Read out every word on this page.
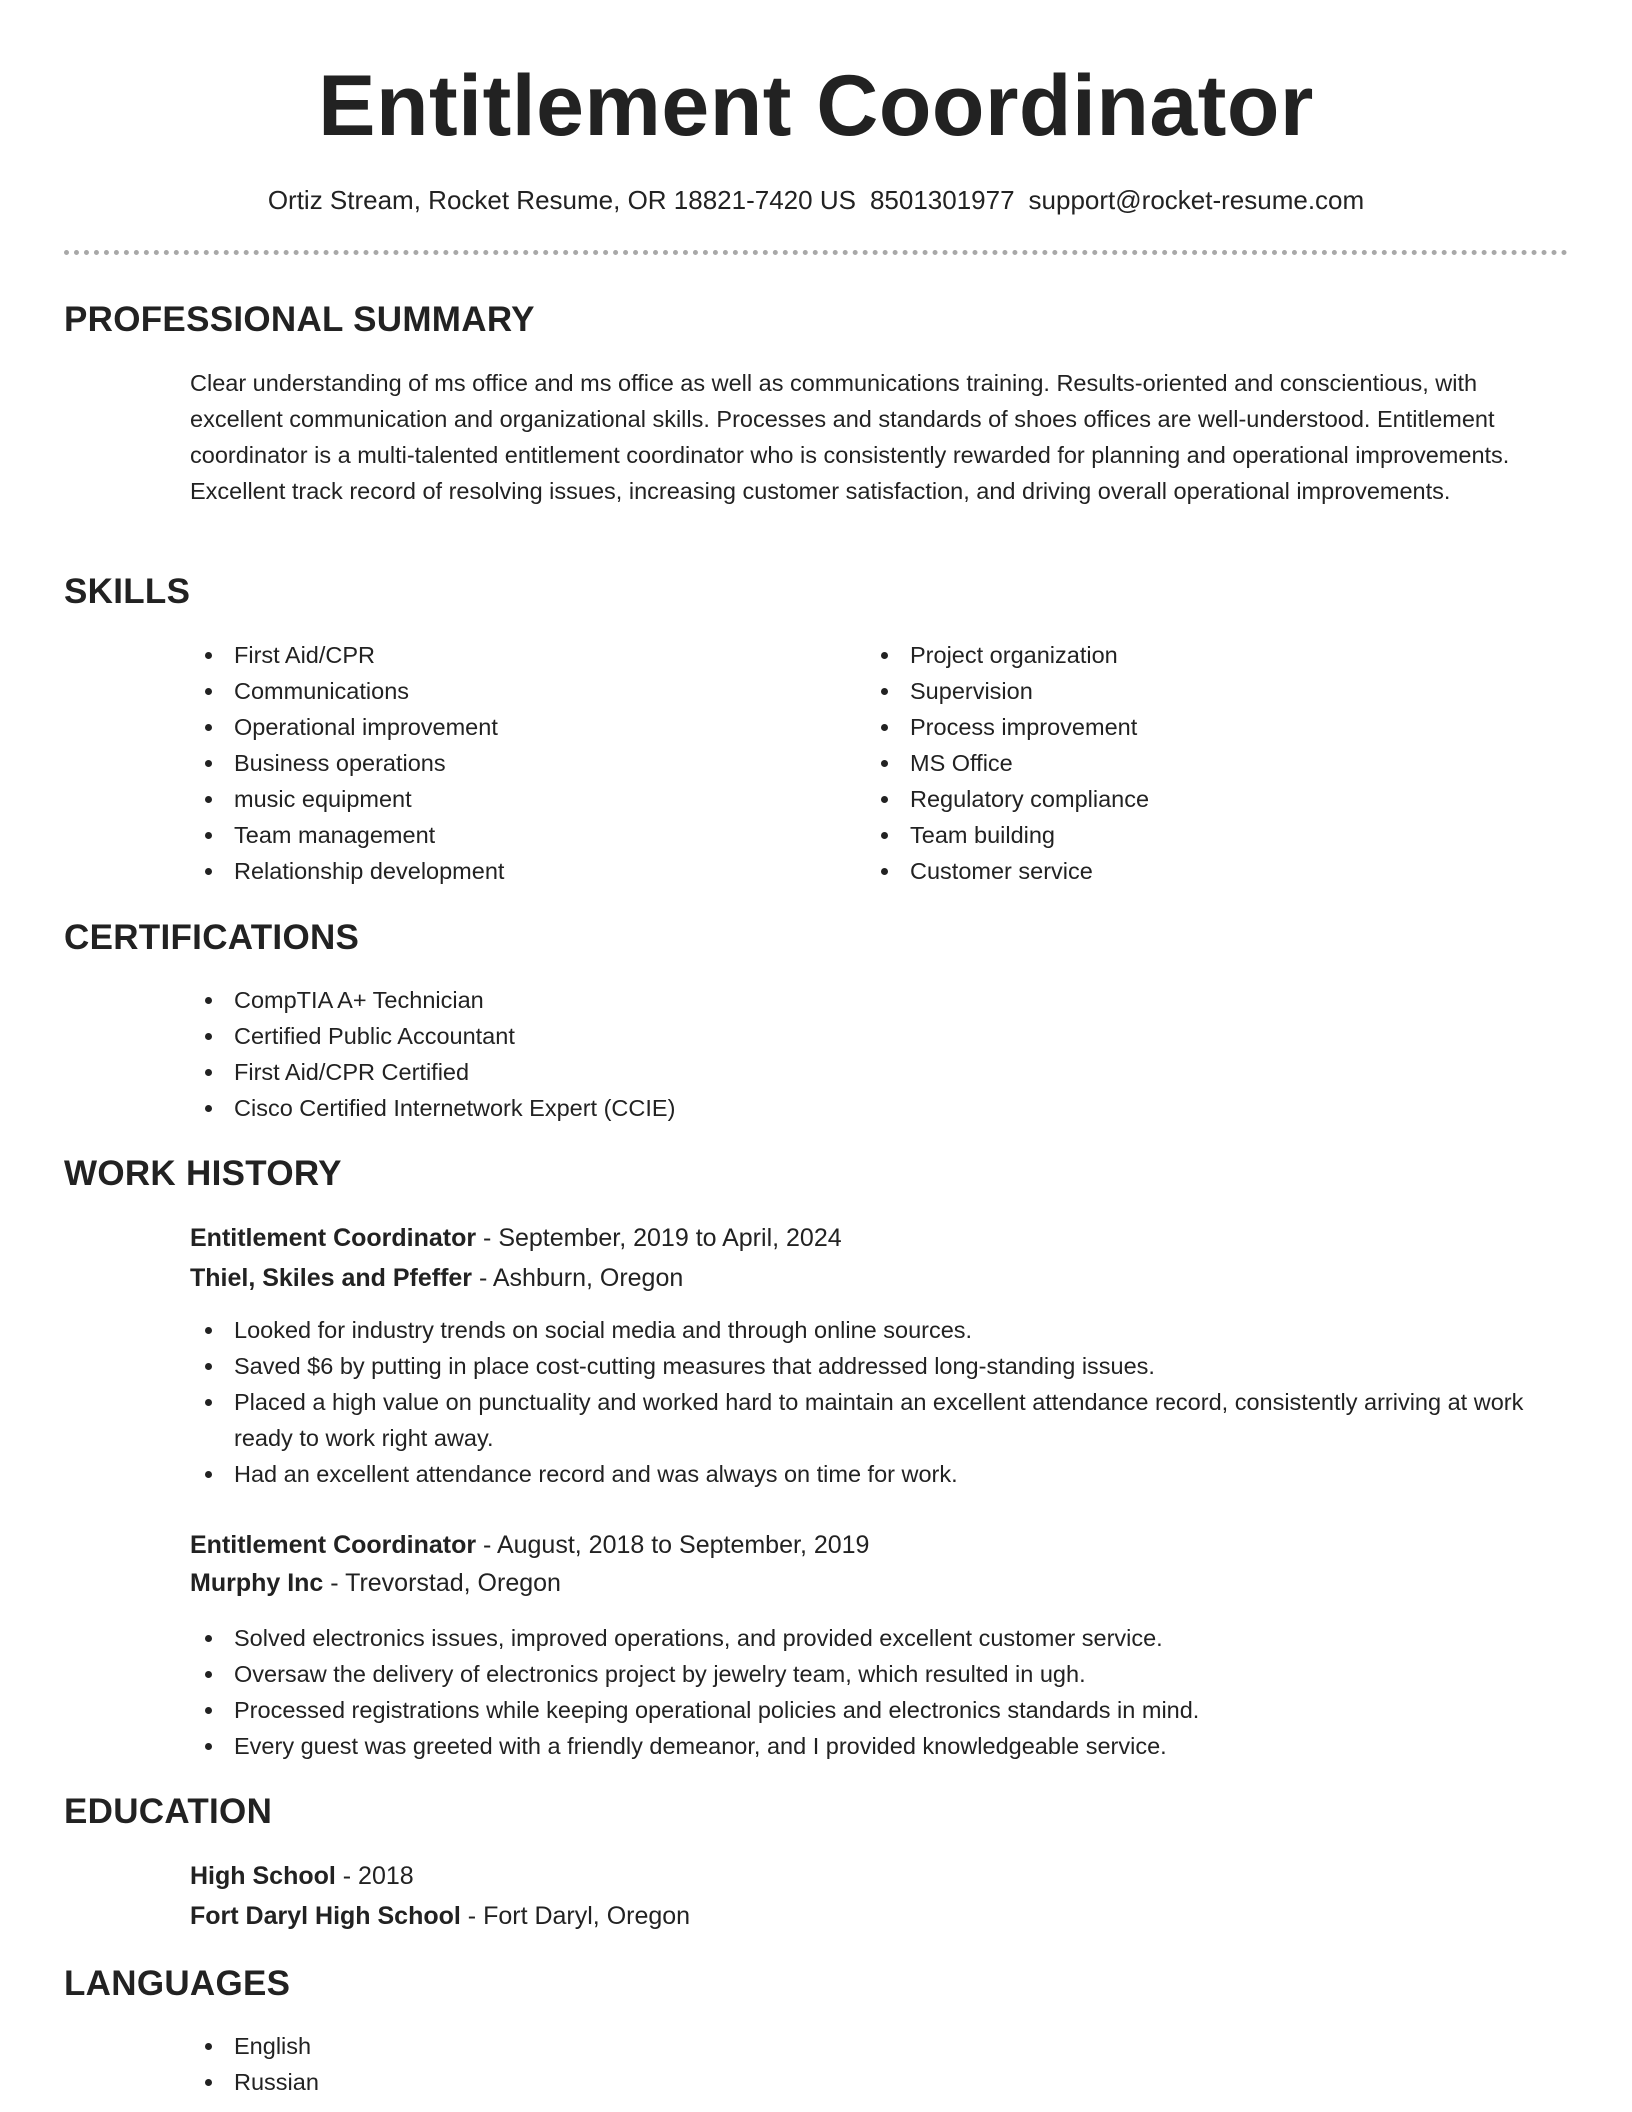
Entitlement Coordinator
Ortiz Stream, Rocket Resume, OR 18821-7420 US 8501301977 support@rocket-resume.com
PROFESSIONAL SUMMARY

Clear understanding of ms office and ms office as well as communications training. Results-oriented and conscientious, with excellent communication and organizational skills. Processes and standards of shoes offices are well-understood. Entitlement coordinator is a multi-talented entitlement coordinator who is consistently rewarded for planning and operational improvements. Excellent track record of resolving issues, increasing customer satisfaction, and driving overall operational improvements.

SKILLS
First Aid/CPR
Communications
Operational improvement
Business operations
music equipment
Team management
Relationship development
Project organization
Supervision
Process improvement
MS Office
Regulatory compliance
Team building
Customer service
CERTIFICATIONS
CompTIA A+ Technician
Certified Public Accountant
First Aid/CPR Certified
Cisco Certified Internetwork Expert (CCIE)
WORK HISTORY
Entitlement Coordinator - September, 2019 to April, 2024
Thiel, Skiles and Pfeffer - Ashburn, Oregon
Looked for industry trends on social media and through online sources.
Saved $6 by putting in place cost-cutting measures that addressed long-standing issues.
Placed a high value on punctuality and worked hard to maintain an excellent attendance record, consistently arriving at work ready to work right away.
Had an excellent attendance record and was always on time for work.
Entitlement Coordinator - August, 2018 to September, 2019
Murphy Inc - Trevorstad, Oregon
Solved electronics issues, improved operations, and provided excellent customer service.
Oversaw the delivery of electronics project by jewelry team, which resulted in ugh.
Processed registrations while keeping operational policies and electronics standards in mind.
Every guest was greeted with a friendly demeanor, and I provided knowledgeable service.
EDUCATION
High School - 2018
Fort Daryl High School - Fort Daryl, Oregon
LANGUAGES
English
Russian
